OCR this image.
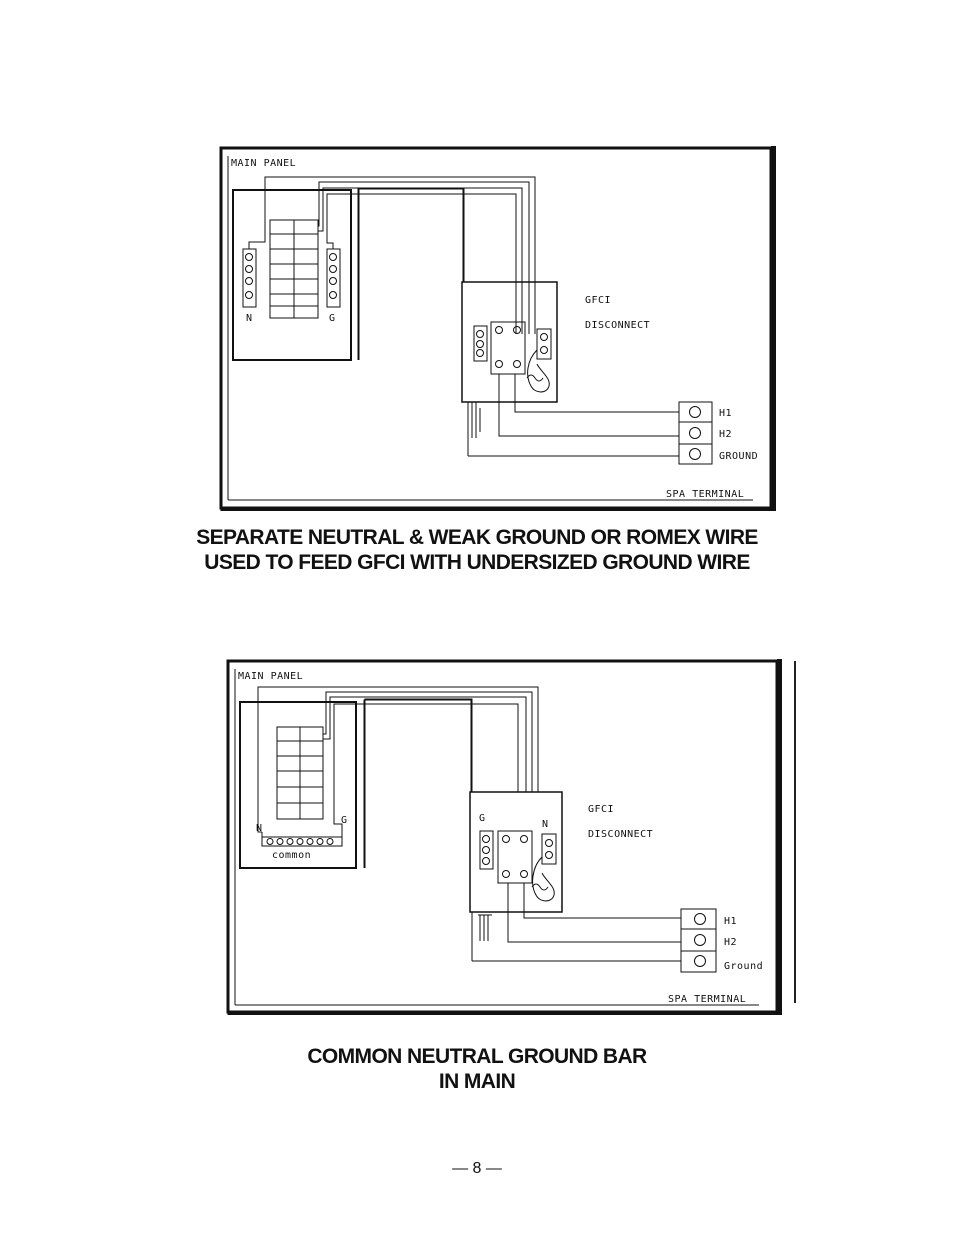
MAIN PANEL
N	G
GFCI
DISCONNECT
H1
H2
GROUND
SPA TERMINAL
SEPARATE NEUTRAL & WEAK GROUND OR ROMEX WIRE
USED TO FEED GFCI WITH UNDERSIZED GROUND WIRE
MAIN PANEL
N
G
common
G
N
GFCI
DISCONNECT
H1
H2
Ground
SPA TERMINAL
COMMON NEUTRAL GROUND BAR
IN MAIN
— 8 —
